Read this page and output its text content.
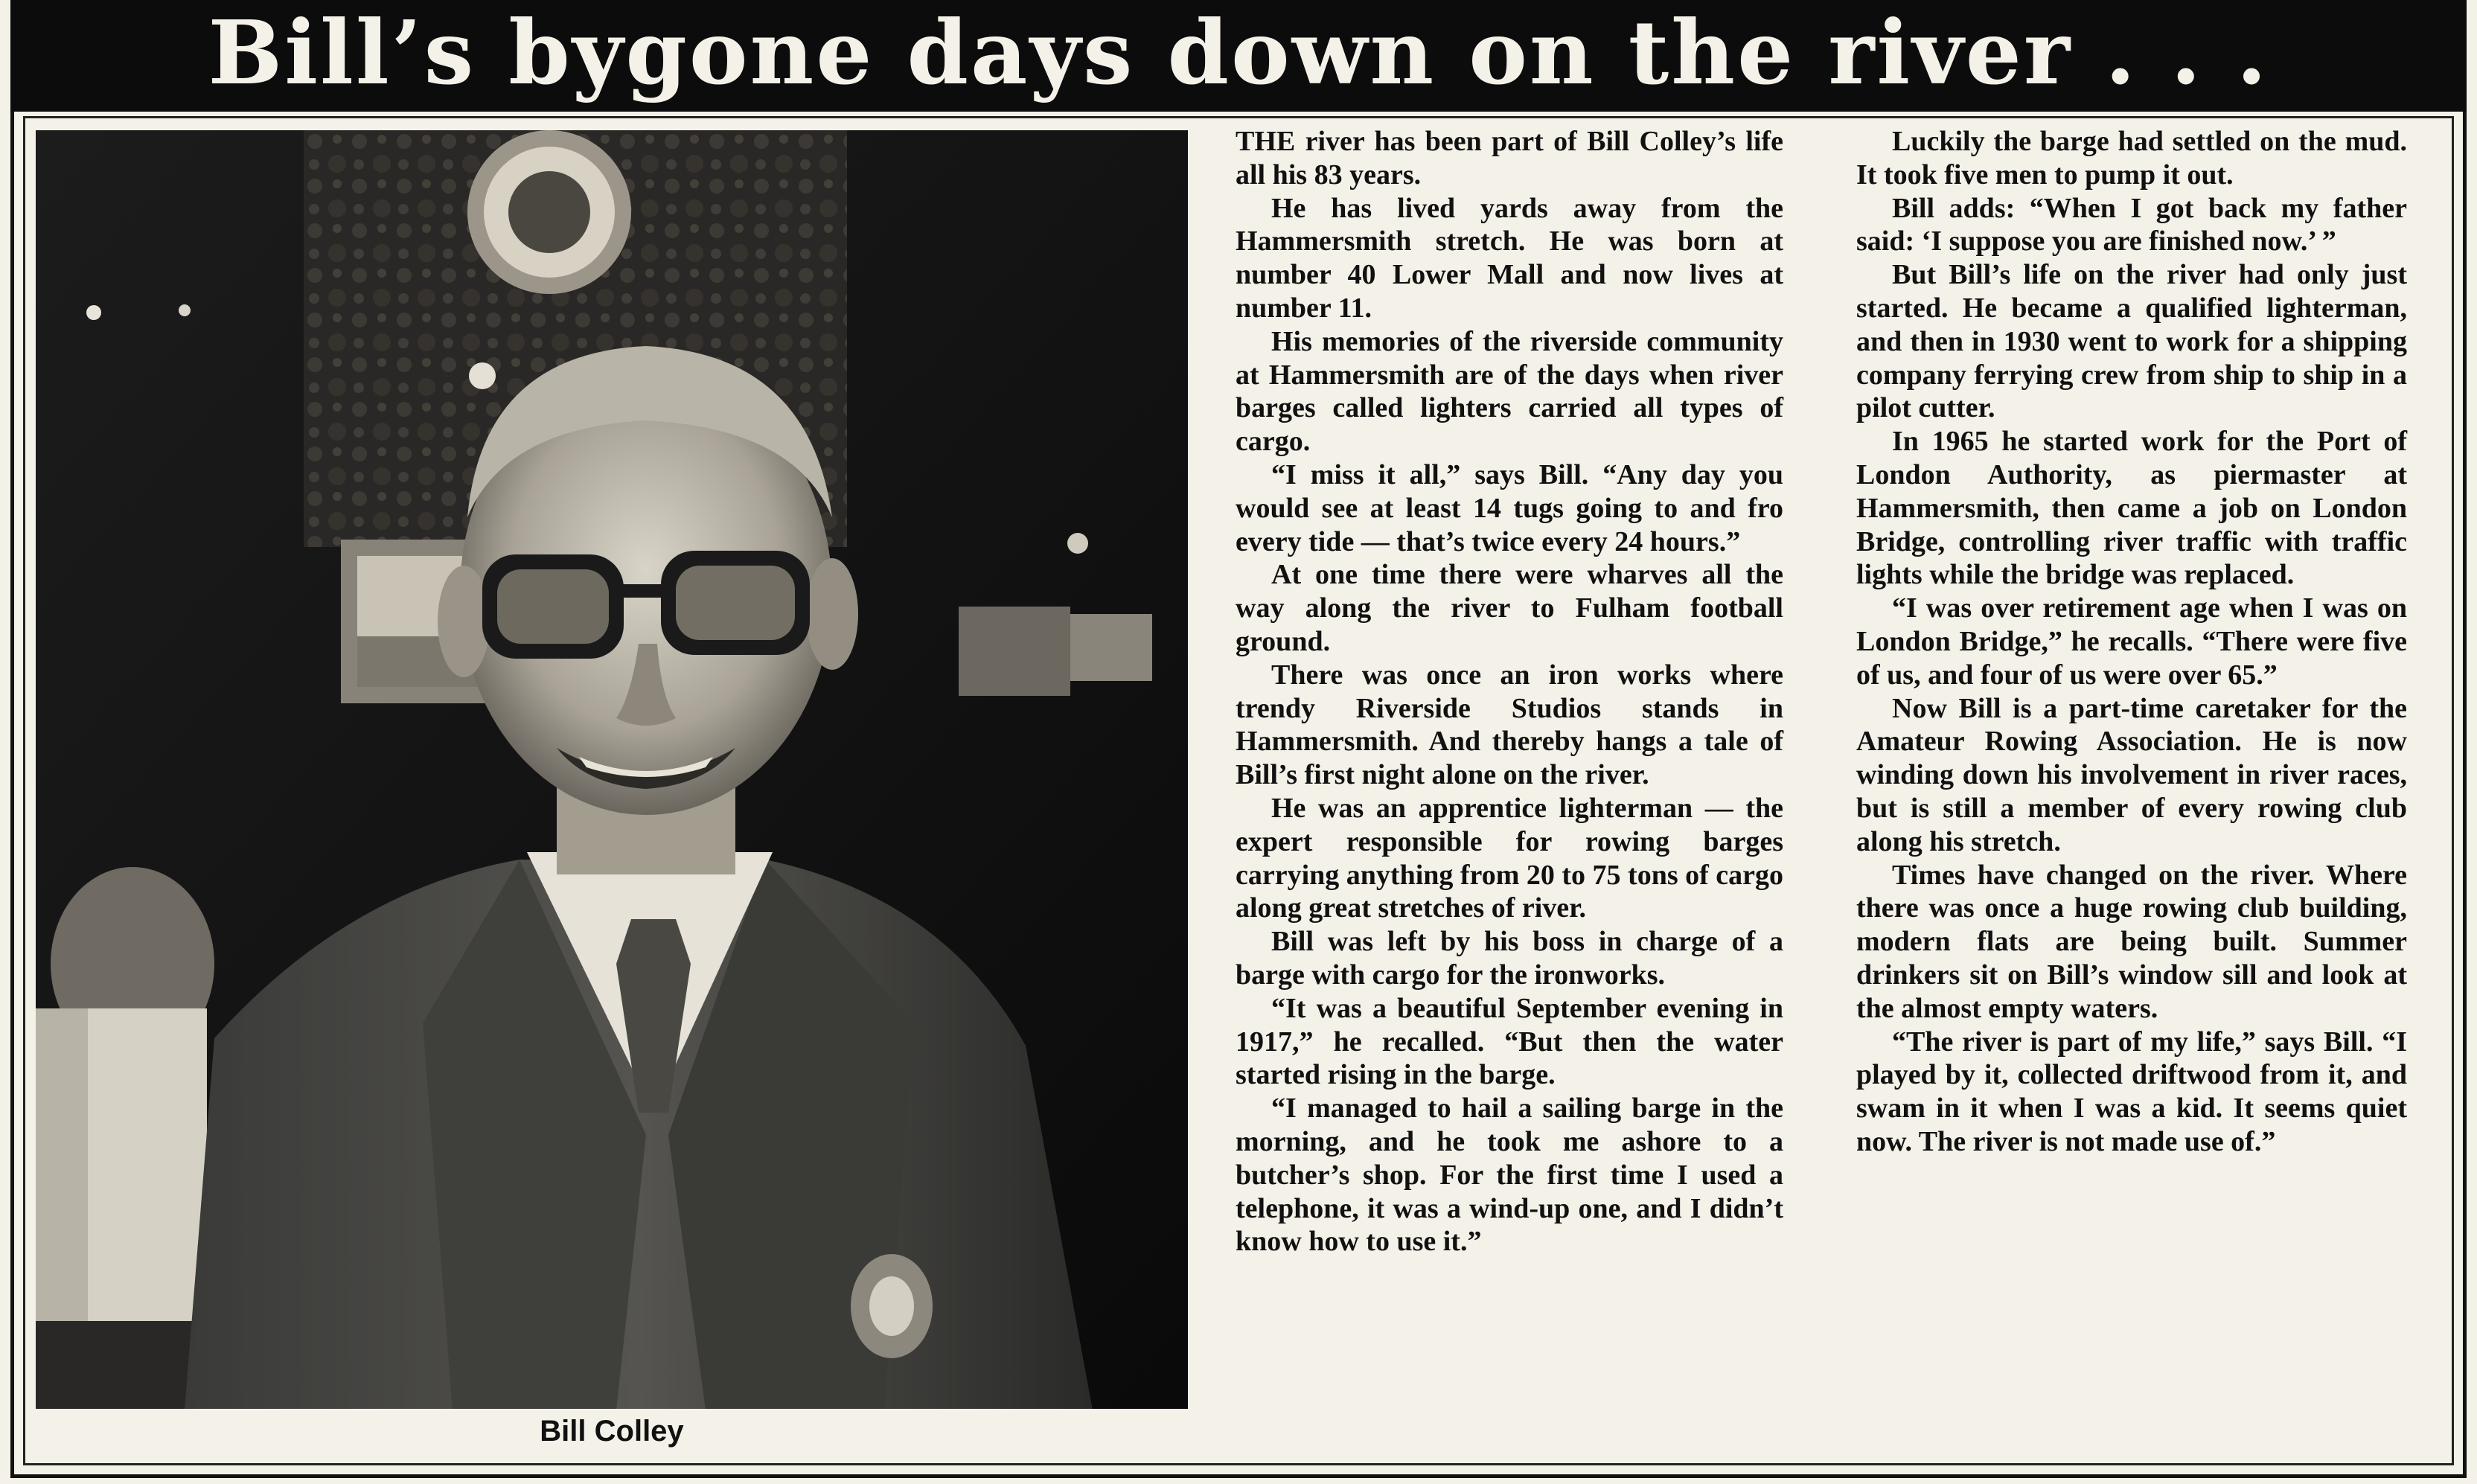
Bill’s bygone days down on the river . . .
Bill Colley

THE river has been part of Bill Colley’s life all his 83 years.

He has lived yards away from the Hammersmith stretch. He was born at number 40 Lower Mall and now lives at number 11.

His memories of the riverside community at Hammersmith are of the days when river barges called lighters carried all types of cargo.

“I miss it all,” says Bill. “Any day you would see at least 14 tugs going to and fro every tide — that’s twice every 24 hours.”

At one time there were wharves all the way along the river to Fulham football ground.

There was once an iron works where trendy Riverside Studios stands in Hammersmith. And thereby hangs a tale of Bill’s first night alone on the river.

He was an apprentice lighterman — the expert responsible for rowing barges carrying anything from 20 to 75 tons of cargo along great stretches of river.

Bill was left by his boss in charge of a barge with cargo for the ironworks.

“It was a beautiful September evening in 1917,” he recalled. “But then the water started rising in the barge.

“I managed to hail a sailing barge in the morning, and he took me ashore to a butcher’s shop. For the first time I used a telephone, it was a wind-up one, and I didn’t know how to use it.”

Luckily the barge had settled on the mud. It took five men to pump it out.

Bill adds: “When I got back my father said: ‘I suppose you are finished now.’ ”

But Bill’s life on the river had only just started. He became a qualified lighterman, and then in 1930 went to work for a shipping company ferrying crew from ship to ship in a pilot cutter.

In 1965 he started work for the Port of London Authority, as piermaster at Hammersmith, then came a job on London Bridge, controlling river traffic with traffic lights while the bridge was replaced.

“I was over retirement age when I was on London Bridge,” he recalls. “There were five of us, and four of us were over 65.”

Now Bill is a part-time caretaker for the Amateur Rowing Association. He is now winding down his involvement in river races, but is still a member of every rowing club along his stretch.

Times have changed on the river. Where there was once a huge rowing club building, modern flats are being built. Summer drinkers sit on Bill’s window sill and look at the almost empty waters.

“The river is part of my life,” says Bill. “I played by it, collected driftwood from it, and swam in it when I was a kid. It seems quiet now. The river is not made use of.”
